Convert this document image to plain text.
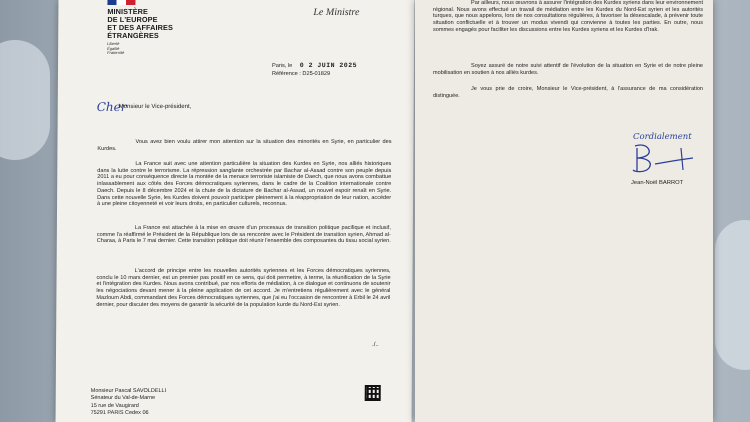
MINISTÈRE
DE L'EUROPE
ET DES AFFAIRES
ÉTRANGÈRES
Liberté
Égalité
Fraternité
Le Ministre
Paris, le 0 2 JUIN 2025
Référence : D25-01829
Cher
Monsieur le Vice-président,

Vous avez bien voulu attirer mon attention sur la situation des minorités en Syrie, en particulier des Kurdes.

La France suit avec une attention particulière la situation des Kurdes en Syrie, nos alliés historiques dans la lutte contre le terrorisme. La répression sanglante orchestrée par Bachar al-Assad contre son peuple depuis 2011 a eu pour conséquence directe la montée de la menace terroriste islamiste de Daech, que nous avons combattue inlassablement aux côtés des Forces démocratiques syriennes, dans le cadre de la Coalition internationale contre Daech. Depuis le 8 décembre 2024 et la chute de la dictature de Bachar al-Assad, un nouvel espoir renaît en Syrie. Dans cette nouvelle Syrie, les Kurdes doivent pouvoir participer pleinement à la réappropriation de leur nation, accéder à une pleine citoyenneté et voir leurs droits, en particulier culturels, reconnus.

La France est attachée à la mise en œuvre d'un processus de transition politique pacifique et inclusif, comme l'a réaffirmé le Président de la République lors de sa rencontre avec le Président de transition syrien, Ahmad al-Charaa, à Paris le 7 mai dernier. Cette transition politique doit réunir l'ensemble des composantes du tissu social syrien.

L'accord de principe entre les nouvelles autorités syriennes et les Forces démocratiques syriennes, conclu le 10 mars dernier, est un premier pas positif en ce sens, qui doit permettre, à terme, la réunification de la Syrie et l'intégration des Kurdes. Nous avons contribué, par nos efforts de médiation, à ce dialogue et continuons de soutenir les négociations devant mener à la pleine application de cet accord. Je m'entretiens régulièrement avec le général Mazloum Abdi, commandant des Forces démocratiques syriennes, que j'ai eu l'occasion de rencontrer à Erbil le 24 avril dernier, pour discuter des moyens de garantir la sécurité de la population kurde du Nord-Est syrien.

./..
Monsieur Pascal SAVOLDELLI
Sénateur du Val-de-Marne
15 rue de Vaugirard
75291 PARIS Cedex 06

Par ailleurs, nous œuvrons à assurer l'intégration des Kurdes syriens dans leur environnement régional. Nous avons effectué un travail de médiation entre les Kurdes du Nord-Est syrien et les autorités turques, que nous appelons, lors de nos consultations régulières, à favoriser la désescalade, à prévenir toute situation conflictuelle et à trouver un modus vivendi qui convienne à toutes les parties. En outre, nous sommes engagés pour faciliter les discussions entre les Kurdes syriens et les Kurdes d'Irak.

Soyez assuré de notre suivi attentif de l'évolution de la situation en Syrie et de notre pleine mobilisation en soutien à nos alliés kurdes.

Je vous prie de croire, Monsieur le Vice-président, à l'assurance de ma considération distinguée.

Cordialement
Jean-Noël BARROT
